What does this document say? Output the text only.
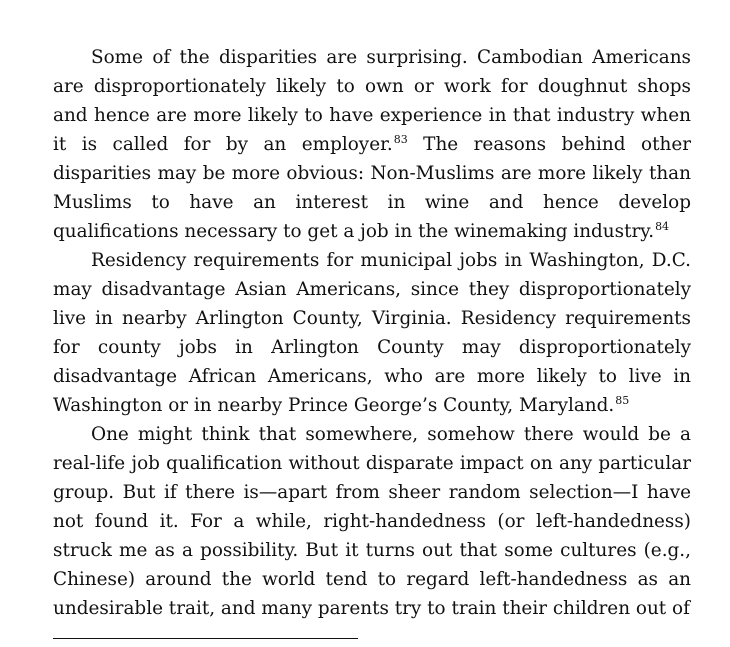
Some of the disparities are surprising. Cambodian Americans are disproportionately likely to own or work for doughnut shops and hence are more likely to have experience in that industry when it is called for by an employer.$^{83}$ The reasons behind other disparities may be more obvious: Non-Muslims are more likely than Muslims to have an interest in wine and hence develop qualifications necessary to get a job in the winemaking industry.$^{84}$

Residency requirements for municipal jobs in Washington, D.C. may disadvantage Asian Americans, since they disproportionately live in nearby Arlington County, Virginia. Residency requirements for county jobs in Arlington County may disproportionately disadvantage African Americans, who are more likely to live in Washington or in nearby Prince George’s County, Maryland.$^{85}$

One might think that somewhere, somehow there would be a real-life job qualification without disparate impact on any particular group. But if there is—apart from sheer random selection—I have not found it. For a while, right-handedness (or left-handedness) struck me as a possibility. But it turns out that some cultures (e.g., Chinese) around the world tend to regard left-handedness as an undesirable trait, and many parents try to train their children out of
